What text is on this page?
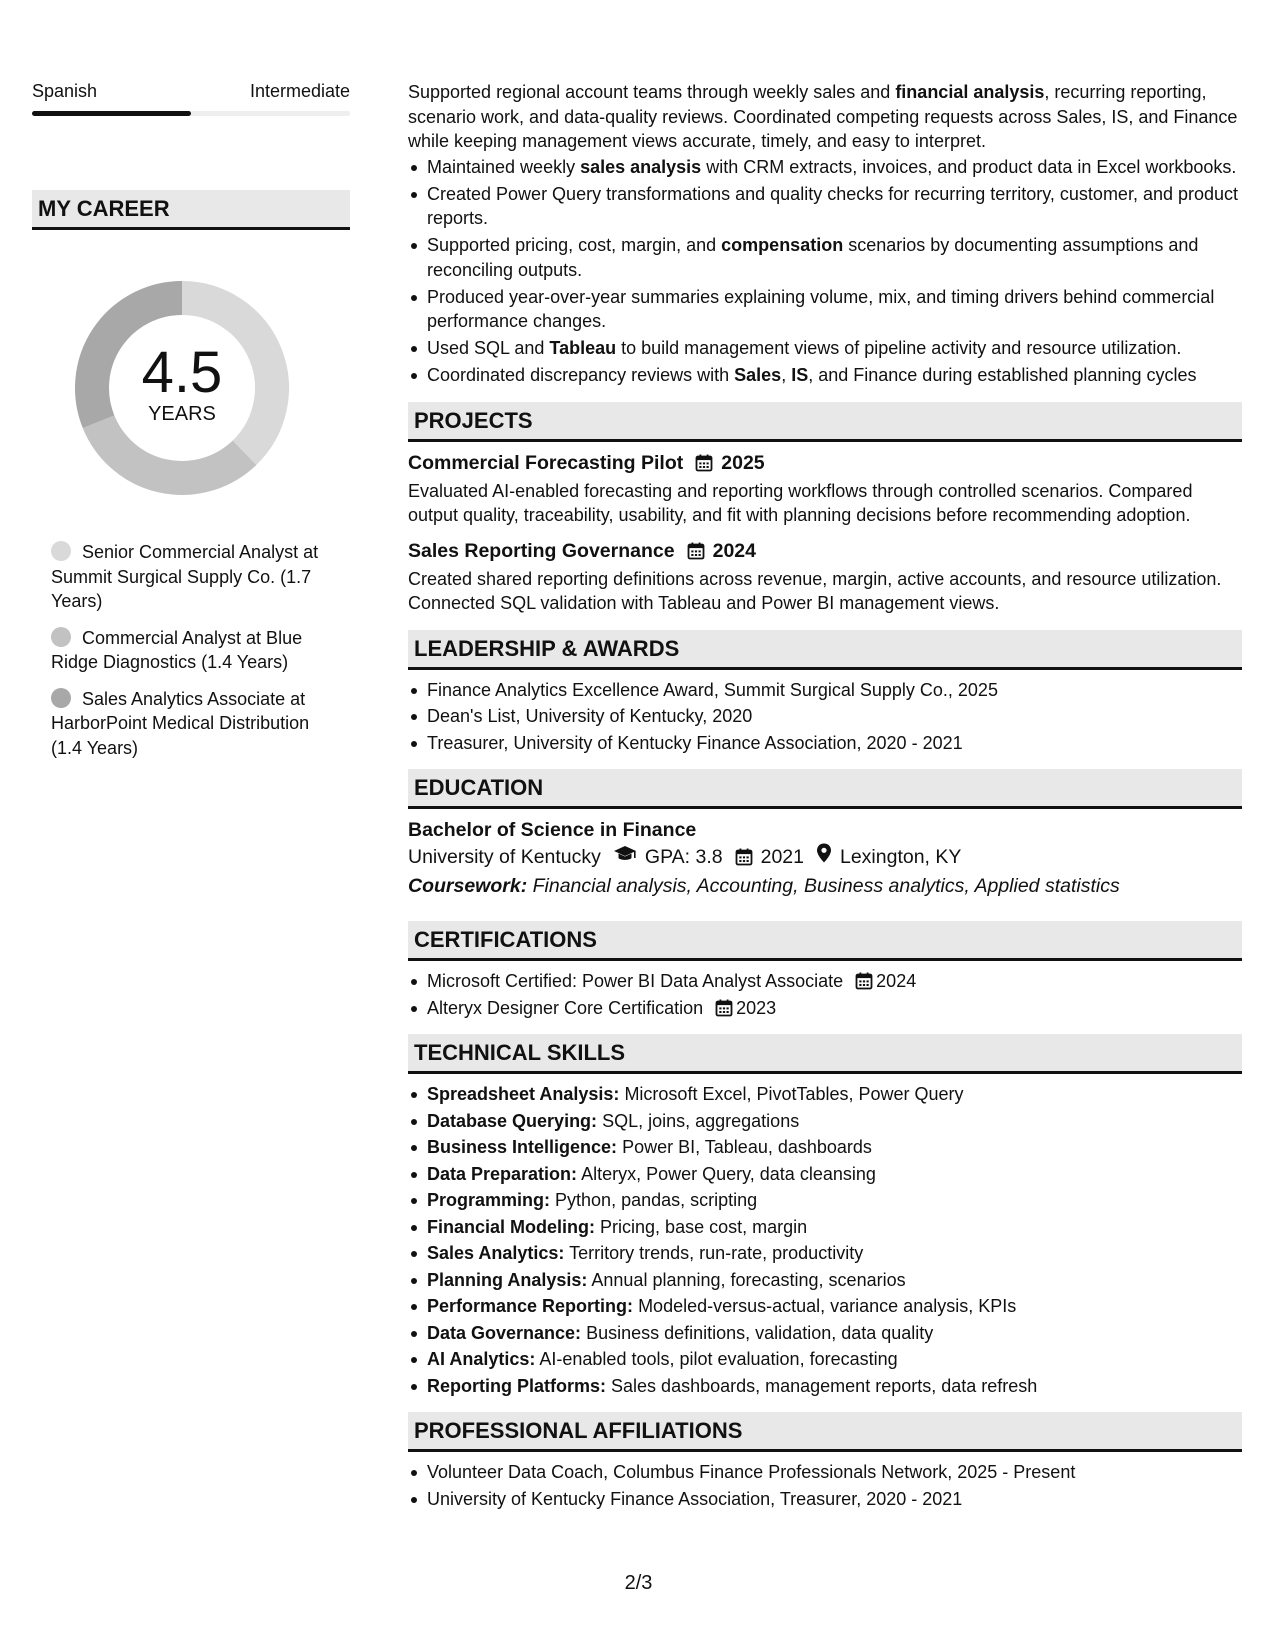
Spanish	Intermediate
MY CAREER
4.5
YEARS
Senior Commercial Analyst at Summit Surgical Supply Co. (1.7 Years)
Commercial Analyst at Blue Ridge Diagnostics (1.4 Years)
Sales Analytics Associate at HarborPoint Medical Distribution (1.4 Years)
Supported regional account teams through weekly sales and financial analysis, recurring reporting, scenario work, and data-quality reviews. Coordinated competing requests across Sales, IS, and Finance while keeping management views accurate, timely, and easy to interpret.
Maintained weekly sales analysis with CRM extracts, invoices, and product data in Excel workbooks.
Created Power Query transformations and quality checks for recurring territory, customer, and product reports.
Supported pricing, cost, margin, and compensation scenarios by documenting assumptions and reconciling outputs.
Produced year-over-year summaries explaining volume, mix, and timing drivers behind commercial performance changes.
Used SQL and Tableau to build management views of pipeline activity and resource utilization.
Coordinated discrepancy reviews with Sales, IS, and Finance during established planning cycles
PROJECTS
Commercial Forecasting Pilot 2025
Evaluated AI-enabled forecasting and reporting workflows through controlled scenarios. Compared output quality, traceability, usability, and fit with planning decisions before recommending adoption.
Sales Reporting Governance 2024
Created shared reporting definitions across revenue, margin, active accounts, and resource utilization. Connected SQL validation with Tableau and Power BI management views.
LEADERSHIP & AWARDS
Finance Analytics Excellence Award, Summit Surgical Supply Co., 2025
Dean's List, University of Kentucky, 2020
Treasurer, University of Kentucky Finance Association, 2020 - 2021
EDUCATION
Bachelor of Science in Finance
University of Kentucky GPA: 3.8 2021 Lexington, KY
Coursework: Financial analysis, Accounting, Business analytics, Applied statistics
CERTIFICATIONS
Microsoft Certified: Power BI Data Analyst Associate 2024
Alteryx Designer Core Certification 2023
TECHNICAL SKILLS
Spreadsheet Analysis: Microsoft Excel, PivotTables, Power Query
Database Querying: SQL, joins, aggregations
Business Intelligence: Power BI, Tableau, dashboards
Data Preparation: Alteryx, Power Query, data cleansing
Programming: Python, pandas, scripting
Financial Modeling: Pricing, base cost, margin
Sales Analytics: Territory trends, run-rate, productivity
Planning Analysis: Annual planning, forecasting, scenarios
Performance Reporting: Modeled-versus-actual, variance analysis, KPIs
Data Governance: Business definitions, validation, data quality
AI Analytics: AI-enabled tools, pilot evaluation, forecasting
Reporting Platforms: Sales dashboards, management reports, data refresh
PROFESSIONAL AFFILIATIONS
Volunteer Data Coach, Columbus Finance Professionals Network, 2025 - Present
University of Kentucky Finance Association, Treasurer, 2020 - 2021
2/3
